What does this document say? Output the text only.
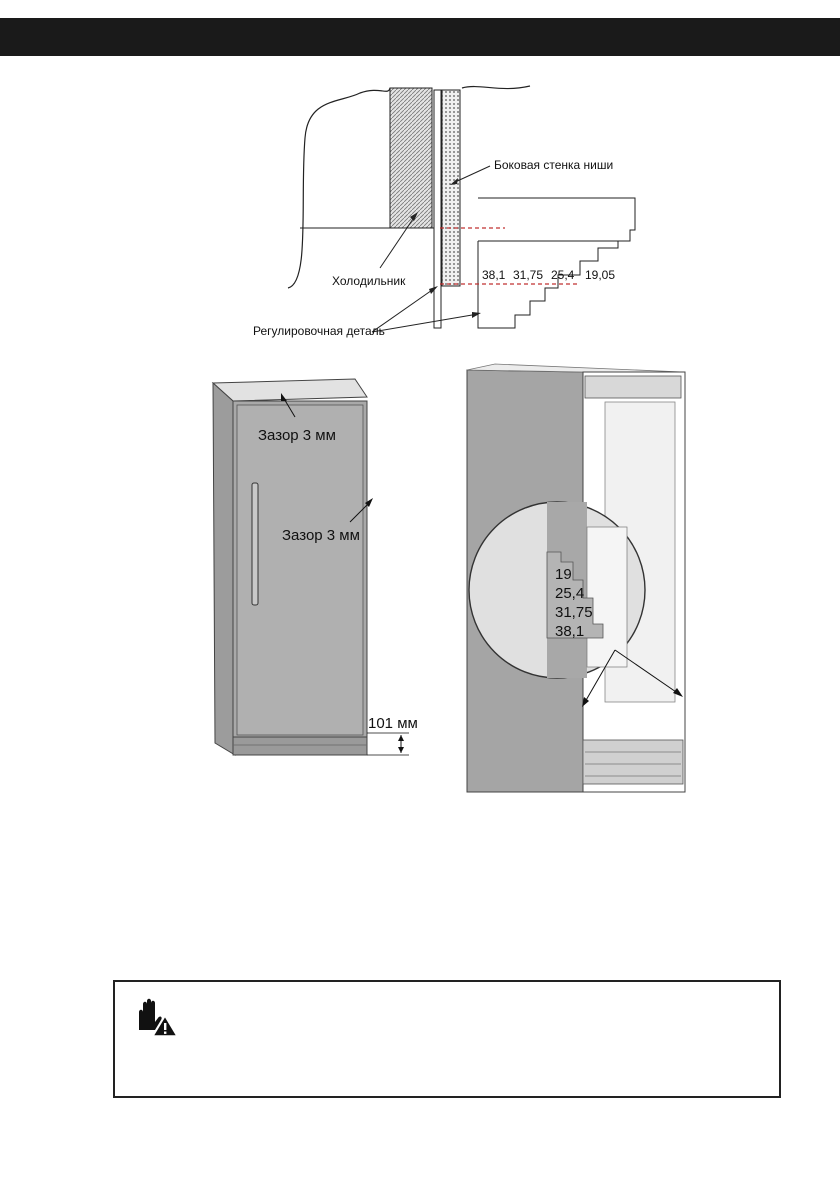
Боковая стенка ниши
Холодильник
Регулировочная деталь
38,1 31,75 25,4 19,05
Зазор 3 мм
Зазор 3 мм
101 мм
19
25,4
31,75
38,1
